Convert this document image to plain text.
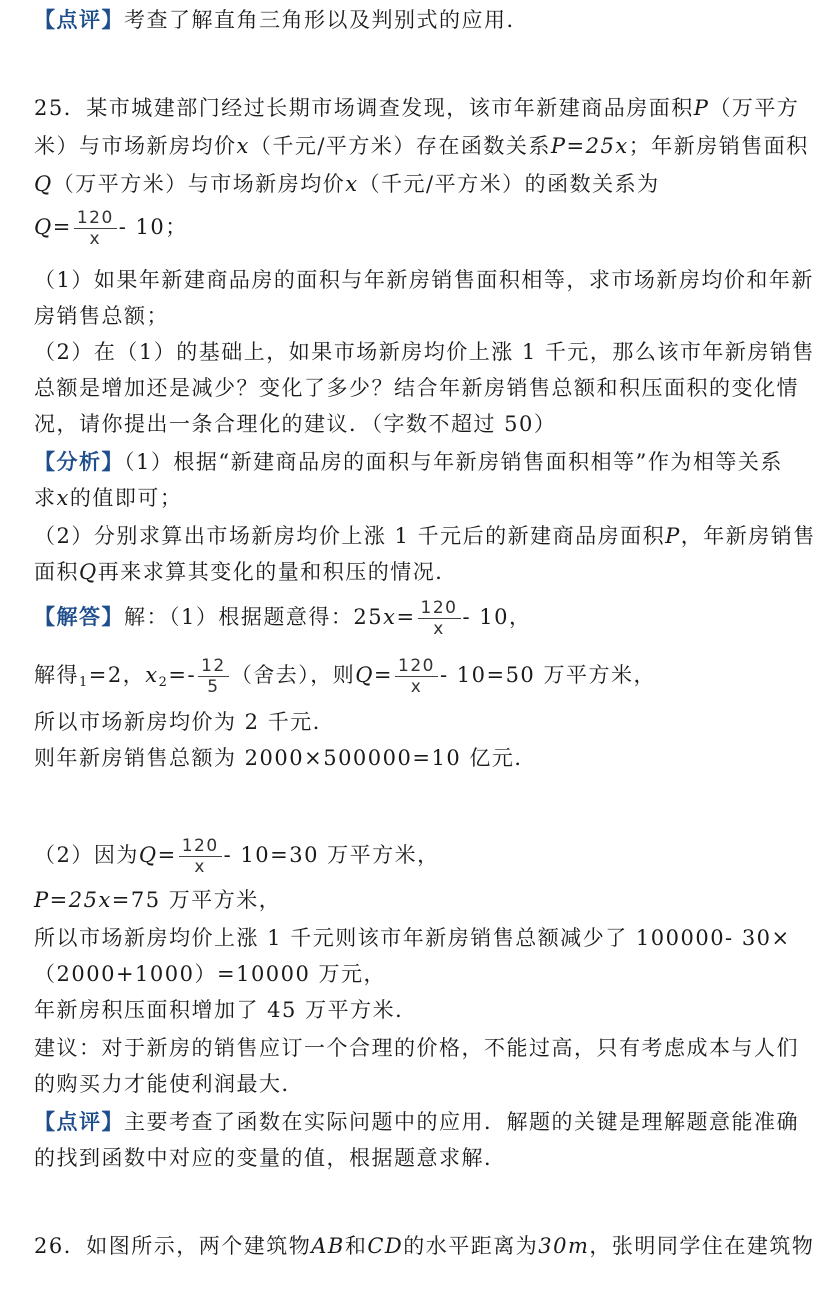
【点评】考查了解直角三角形以及判别式的应用．
25．某市城建部门经过长期市场调查发现，该市年新建商品房面积P（万平方
米）与市场新房均价x（千元/平方米）存在函数关系P=25x；年新房销售面积
Q（万平方米）与市场新房均价x（千元/平方米）的函数关系为
$Q= \frac{120}{x} - 10$；
（1）如果年新建商品房的面积与年新房销售面积相等，求市场新房均价和年新
房销售总额；
（2）在（1）的基础上，如果市场新房均价上涨 1 千元，那么该市年新房销售
总额是增加还是减少？变化了多少？结合年新房销售总额和积压面积的变化情
况，请你提出一条合理化的建议．（字数不超过 50）
【分析】（1）根据“新建商品房的面积与年新房销售面积相等”作为相等关系
求x的值即可；
（2）分别求算出市场新房均价上涨 1 千元后的新建商品房面积P，年新房销售
面积Q再来求算其变化的量和积压的情况．
【解答】解：（1）根据题意得：$25x= \frac{120}{x} - 10$，
解得$_1$=2，$x_2=- \frac{12}{5}$ （舍去），则$Q= \frac{120}{x} - 10=50$ 万平方米，
所以市场新房均价为 2 千元．
则年新房销售总额为 2000×500000=10 亿元．
（2）因为$Q= \frac{120}{x} - 10=30$ 万平方米，
P=25x=75 万平方米，
所以市场新房均价上涨 1 千元则该市年新房销售总额减少了 100000- 30×
（2000+1000）=10000 万元，
年新房积压面积增加了 45 万平方米．
建议：对于新房的销售应订一个合理的价格，不能过高，只有考虑成本与人们
的购买力才能使利润最大．
【点评】主要考查了函数在实际问题中的应用．解题的关键是理解题意能准确
的找到函数中对应的变量的值，根据题意求解．
26．如图所示，两个建筑物AB和CD的水平距离为30m，张明同学住在建筑物
